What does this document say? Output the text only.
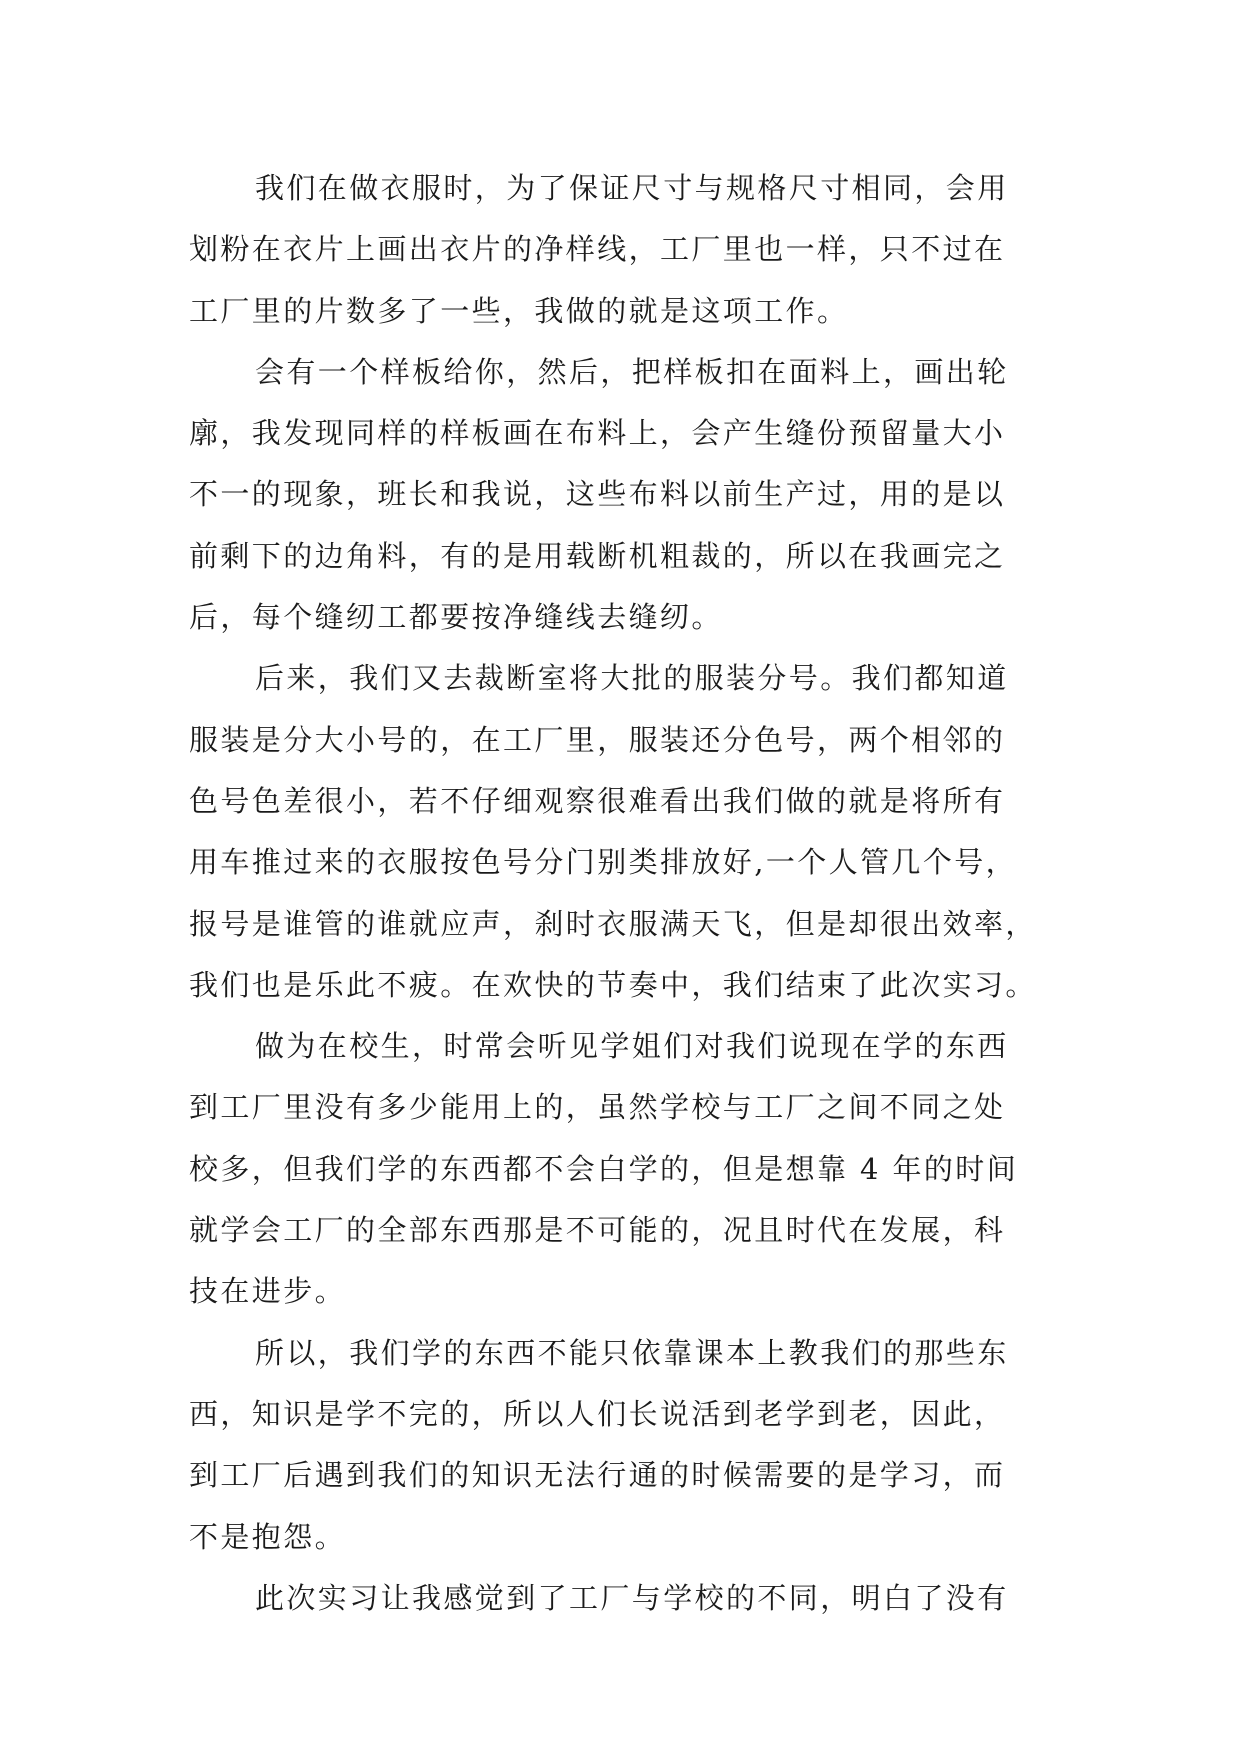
我们在做衣服时，为了保证尺寸与规格尺寸相同，会用
划粉在衣片上画出衣片的净样线，工厂里也一样，只不过在
工厂里的片数多了一些，我做的就是这项工作。
会有一个样板给你，然后，把样板扣在面料上，画出轮
廓，我发现同样的样板画在布料上，会产生缝份预留量大小
不一的现象，班长和我说，这些布料以前生产过，用的是以
前剩下的边角料，有的是用载断机粗裁的，所以在我画完之
后，每个缝纫工都要按净缝线去缝纫。
后来，我们又去裁断室将大批的服装分号。我们都知道
服装是分大小号的，在工厂里，服装还分色号，两个相邻的
色号色差很小，若不仔细观察很难看出我们做的就是将所有
用车推过来的衣服按色号分门别类排放好,一个人管几个号，
报号是谁管的谁就应声，刹时衣服满天飞，但是却很出效率，
我们也是乐此不疲。在欢快的节奏中，我们结束了此次实习。
做为在校生，时常会听见学姐们对我们说现在学的东西
到工厂里没有多少能用上的，虽然学校与工厂之间不同之处
校多，但我们学的东西都不会白学的，但是想靠 4 年的时间
就学会工厂的全部东西那是不可能的，况且时代在发展，科
技在进步。
所以，我们学的东西不能只依靠课本上教我们的那些东
西，知识是学不完的，所以人们长说活到老学到老，因此，
到工厂后遇到我们的知识无法行通的时候需要的是学习，而
不是抱怨。
此次实习让我感觉到了工厂与学校的不同，明白了没有
